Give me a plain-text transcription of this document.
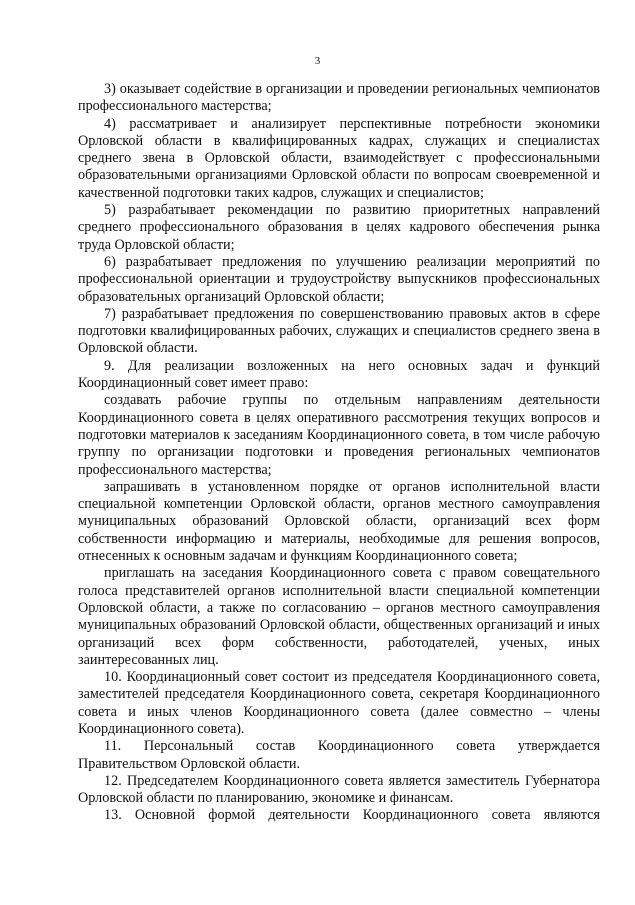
3

3) оказывает содействие в организации и проведении региональных чемпионатов профессионального мастерства;

4) рассматривает и анализирует перспективные потребности экономики Орловской области в квалифицированных кадрах, служащих и специалистах среднего звена в Орловской области, взаимодействует с профессиональными образовательными организациями Орловской области по вопросам своевременной и качественной подготовки таких кадров, служащих и специалистов;

5) разрабатывает рекомендации по развитию приоритетных направлений среднего профессионального образования в целях кадрового обеспечения рынка труда Орловской области;

6) разрабатывает предложения по улучшению реализации мероприятий по профессиональной ориентации и трудоустройству выпускников профессиональных образовательных организаций Орловской области;

7) разрабатывает предложения по совершенствованию правовых актов в сфере подготовки квалифицированных рабочих, служащих и специалистов среднего звена в Орловской области.

9. Для реализации возложенных на него основных задач и функций Координационный совет имеет право:

создавать рабочие группы по отдельным направлениям деятельности Координационного совета в целях оперативного рассмотрения текущих вопросов и подготовки материалов к заседаниям Координационного совета, в том числе рабочую группу по организации подготовки и проведения региональных чемпионатов профессионального мастерства;

запрашивать в установленном порядке от органов исполнительной власти специальной компетенции Орловской области, органов местного самоуправления муниципальных образований Орловской области, организаций всех форм собственности информацию и материалы, необходимые для решения вопросов, отнесенных к основным задачам и функциям Координационного совета;

приглашать на заседания Координационного совета с правом совещательного голоса представителей органов исполнительной власти специальной компетенции Орловской области, а также по согласованию – органов местного самоуправления муниципальных образований Орловской области, общественных организаций и иных организаций всех форм собственности, работодателей, ученых, иных заинтересованных лиц.

10. Координационный совет состоит из председателя Координационного совета, заместителей председателя Координационного совета, секретаря Координационного совета и иных членов Координационного совета (далее совместно – члены Координационного совета).

11. Персональный состав Координационного совета утверждается Правительством Орловской области.

12. Председателем Координационного совета является заместитель Губернатора Орловской области по планированию, экономике и финансам.

13. Основной формой деятельности Координационного совета являются
